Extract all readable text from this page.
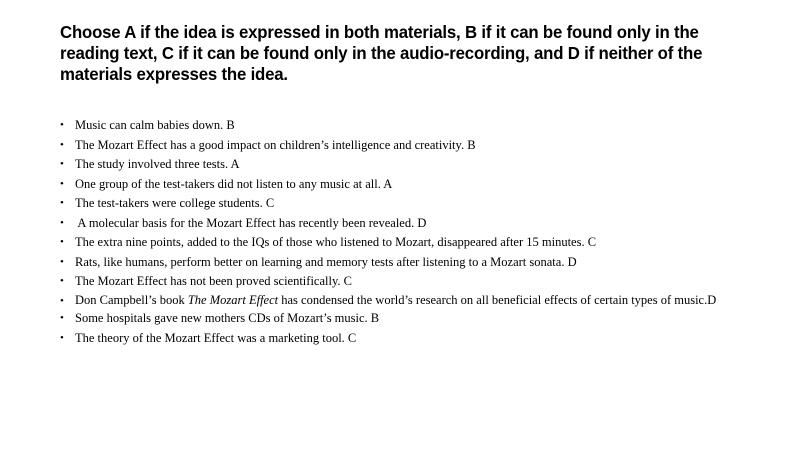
Choose A if the idea is expressed in both materials, B if it can be found only in the reading text, C if it can be found only in the audio-recording, and D if neither of the materials expresses the idea.

• Music can calm babies down. B
• The Mozart Effect has a good impact on children’s intelligence and creativity. B
• The study involved three tests. A
• One group of the test-takers did not listen to any music at all. A
• The test-takers were college students. C
• A molecular basis for the Mozart Effect has recently been revealed. D
• The extra nine points, added to the IQs of those who listened to Mozart, disappeared after 15 minutes. C
• Rats, like humans, perform better on learning and memory tests after listening to a Mozart sonata. D
• The Mozart Effect has not been proved scientifically. C
• Don Campbell’s book The Mozart Effect has condensed the world’s research on all beneficial effects of certain types of music.D
• Some hospitals gave new mothers CDs of Mozart’s music. B
• The theory of the Mozart Effect was a marketing tool. C
